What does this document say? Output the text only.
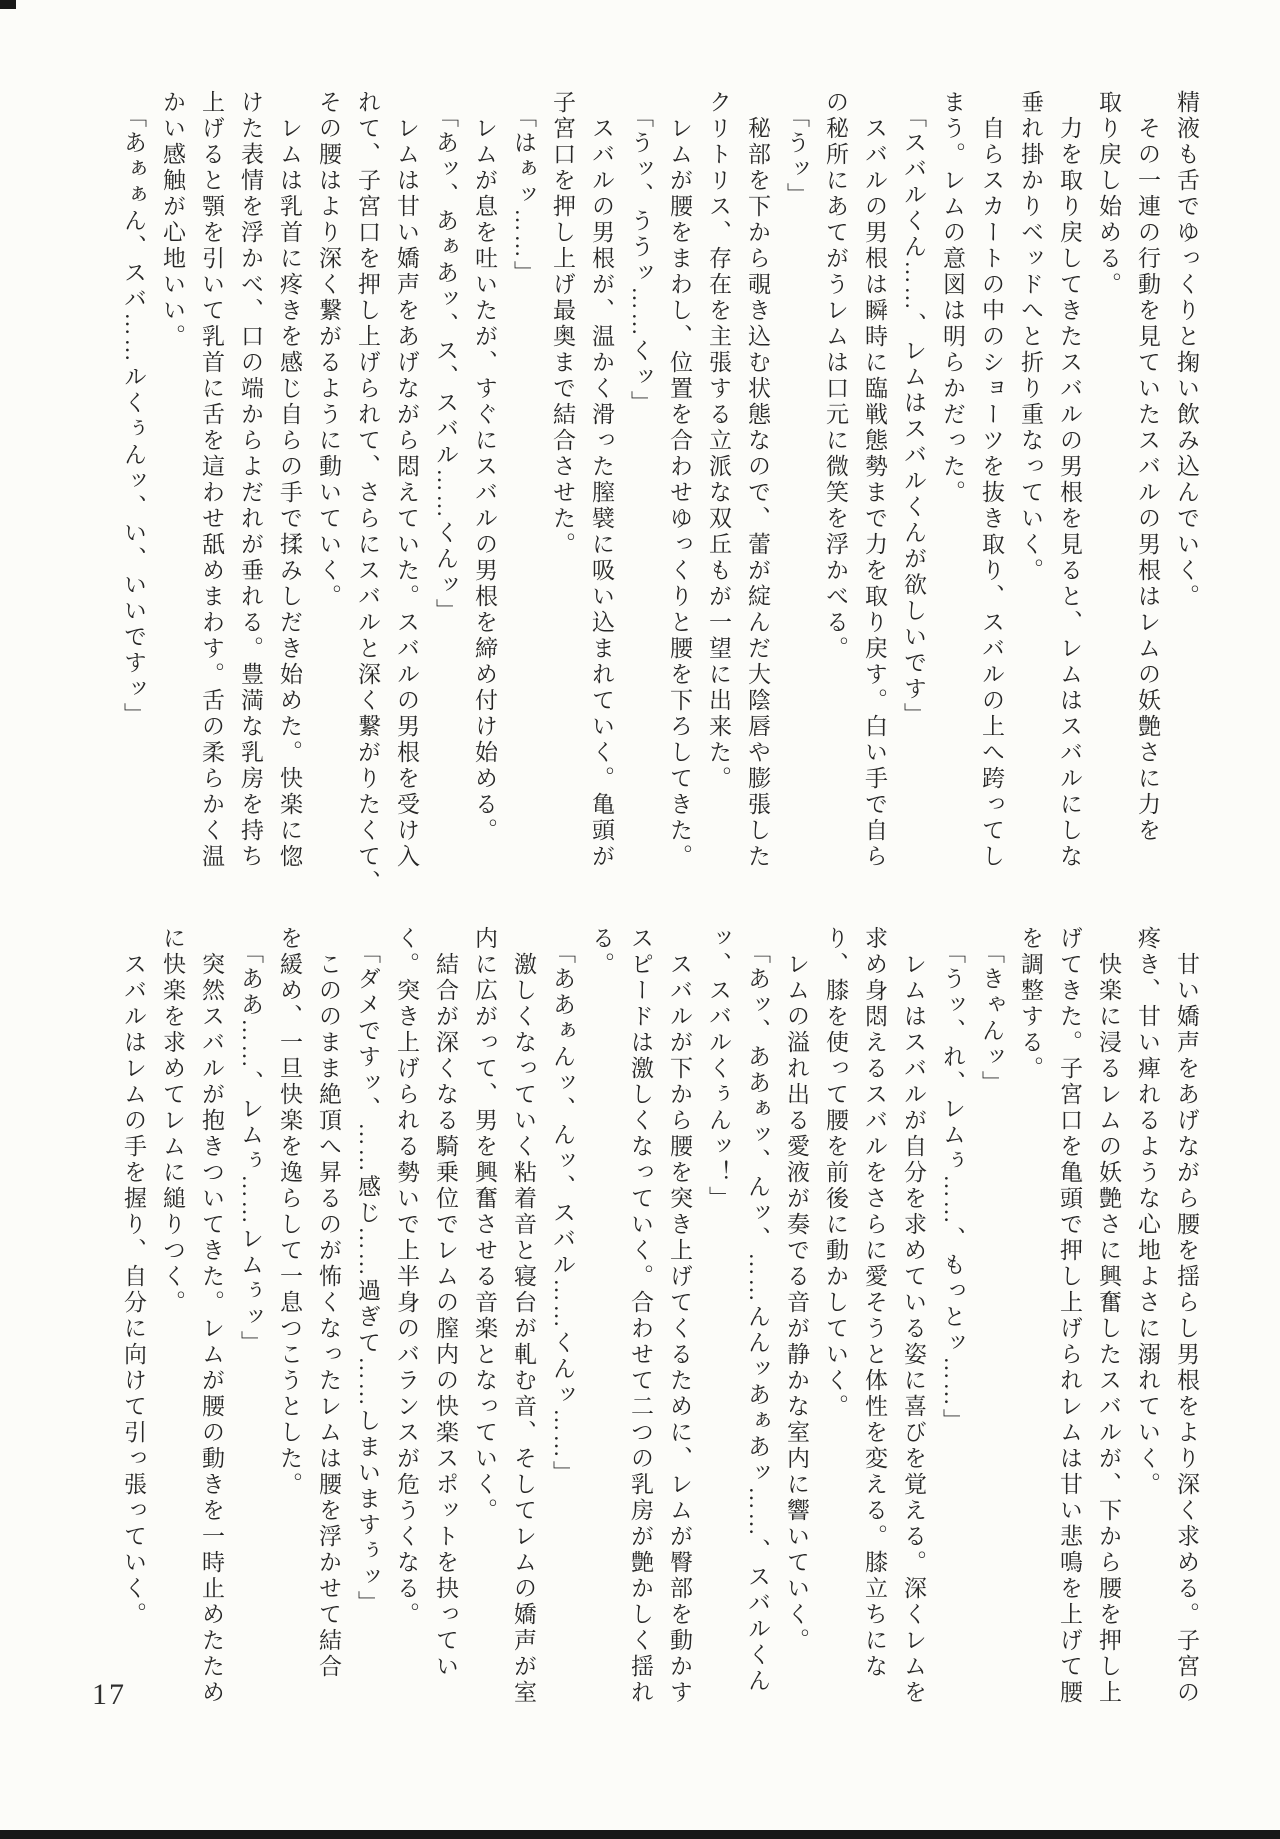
精液も舌でゆっくりと掬い飲み込んでいく。
　その一連の行動を見ていたスバルの男根はレムの妖艶さに力を
取り戻し始める。
　力を取り戻してきたスバルの男根を見ると、レムはスバルにしな
垂れ掛かりベッドへと折り重なっていく。
　自らスカートの中のショーツを抜き取り、スバルの上へ跨ってし
まう。レムの意図は明らかだった。
　「スバルくん……、レムはスバルくんが欲しいです」
　スバルの男根は瞬時に臨戦態勢まで力を取り戻す。白い手で自ら
の秘所にあてがうレムは口元に微笑を浮かべる。
　「うッ」
　秘部を下から覗き込む状態なので、蕾が綻んだ大陰唇や膨張した
クリトリス、存在を主張する立派な双丘もが一望に出来た。
　レムが腰をまわし、位置を合わせゆっくりと腰を下ろしてきた。
　「うッ、ううッ……くッ」
　スバルの男根が、温かく滑った膣襞に吸い込まれていく。亀頭が
子宮口を押し上げ最奥まで結合させた。
　「はぁッ……」
　レムが息を吐いたが、すぐにスバルの男根を締め付け始める。
　「あッ、あぁあッ、ス、スバル……くんッ」
　レムは甘い嬌声をあげながら悶えていた。スバルの男根を受け入
れて、子宮口を押し上げられて、さらにスバルと深く繋がりたくて、
その腰はより深く繋がるように動いていく。
　レムは乳首に疼きを感じ自らの手で揉みしだき始めた。快楽に惚
けた表情を浮かべ、口の端からよだれが垂れる。豊満な乳房を持ち
上げると顎を引いて乳首に舌を這わせ舐めまわす。舌の柔らかく温
かい感触が心地いい。
　「あぁぁん、スバ……ルくぅんッ、い、いいですッ」
　甘い嬌声をあげながら腰を揺らし男根をより深く求める。子宮の
疼き、甘い痺れるような心地よさに溺れていく。
　快楽に浸るレムの妖艶さに興奮したスバルが、下から腰を押し上
げてきた。子宮口を亀頭で押し上げられレムは甘い悲鳴を上げて腰
を調整する。
　「きゃんッ」
　「うッ、れ、レムぅ……、もっとッ……」
　レムはスバルが自分を求めている姿に喜びを覚える。深くレムを
求め身悶えるスバルをさらに愛そうと体性を変える。膝立ちにな
り、膝を使って腰を前後に動かしていく。
　レムの溢れ出る愛液が奏でる音が静かな室内に響いていく。
　「あッ、ああぁッ、んッ、……んんッあぁあッ……、スバルくん
ッ、スバルくぅんッ！」
　スバルが下から腰を突き上げてくるために、レムが臀部を動かす
スピードは激しくなっていく。合わせて二つの乳房が艶かしく揺れ
る。
　「ああぁんッ、んッ、スバル……くんッ……」
　激しくなっていく粘着音と寝台が軋む音、そしてレムの嬌声が室
内に広がって、男を興奮させる音楽となっていく。
　結合が深くなる騎乗位でレムの膣内の快楽スポットを抉ってい
く。突き上げられる勢いで上半身のバランスが危うくなる。
　「ダメですッ、……感じ……過ぎて……しまいますぅッ」
　こののまま絶頂へ昇るのが怖くなったレムは腰を浮かせて結合
を緩め、一旦快楽を逸らして一息つこうとした。
　「ああ……、レムぅ……レムぅッ」
　突然スバルが抱きついてきた。レムが腰の動きを一時止めたため
に快楽を求めてレムに縋りつく。
　スバルはレムの手を握り、自分に向けて引っ張っていく。
17
